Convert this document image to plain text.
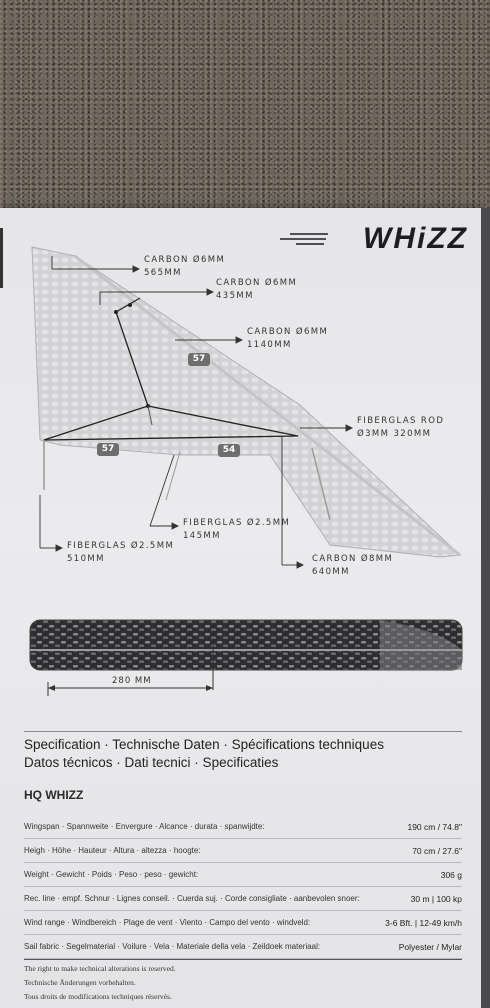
WHiZZ
CARBON Ø6MM
565MM
CARBON Ø6MM
435MM
CARBON Ø6MM
1140MM
FIBERGLAS ROD
Ø3MM 320MM
FIBERGLAS Ø2.5MM
145MM
FIBERGLAS Ø2.5MM
510MM	CARBON Ø8MM
640MM
57
57	54
280 MM
Specification · Technische Daten · Spécifications techniques
Datos técnicos · Dati tecnici · Specificaties
HQ WHIZZ
Wingspan · Spannweite · Envergure · Alcance · durata · spanwijdte:	190 cm / 74.8"
Heigh · Höhe · Hauteur · Altura · altezza · hoogte:	70 cm / 27.6"
Weight · Gewicht · Poids · Peso · peso · gewicht:	306 g
Rec. line · empf. Schnur · Lignes conseil. · Cuerda suj. · Corde consigliate · aanbevolen snoer:	30 m | 100 kp
Wind range · Windbereich · Plage de vent · Viento · Campo del vento · windveld:	3-6 Bft. | 12-49 km/h
Sail fabric · Segelmaterial · Voilure · Vela · Materiale della vela · Zeildoek materiaal:	Polyester / Mylar
The right to make technical alterations is reserved.
Technische Änderungen vorbehalten.
Tous droits de modifications techniques réservés.
